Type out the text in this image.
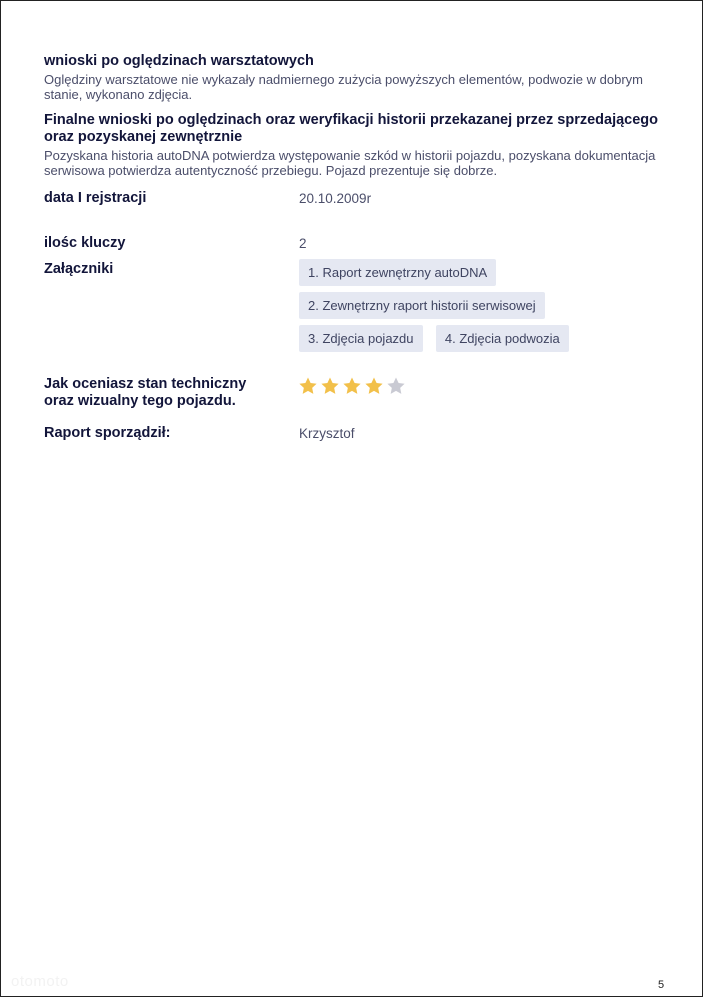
wnioski po oględzinach warsztatowych
Oględziny warsztatowe nie wykazały nadmiernego zużycia powyższych elementów, podwozie w dobrym stanie, wykonano zdjęcia.
Finalne wnioski po oględzinach oraz weryfikacji historii przekazanej przez sprzedającego oraz pozyskanej zewnętrznie
Pozyskana historia autoDNA potwierdza występowanie szkód w historii pojazdu, pozyskana dokumentacja serwisowa potwierdza autentyczność przebiegu. Pojazd prezentuje się dobrze.
data I rejstracji	20.10.2009r
ilośc kluczy	2
Załączniki	1. Raport zewnętrzny autoDNA
2. Zewnętrzny raport historii serwisowej
3. Zdjęcia pojazdu 4. Zdjęcia podwozia
Jak oceniasz stan techniczny oraz wizualny tego pojazdu.
Raport sporządził:	Krzysztof
otomoto	5
